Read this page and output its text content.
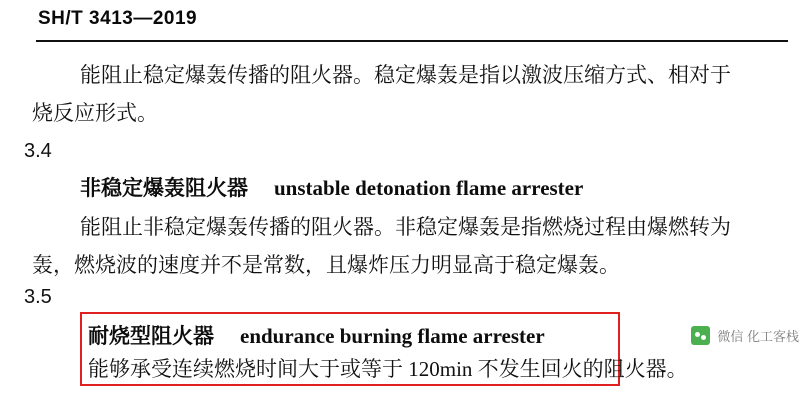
SH/T 3413—2019
能阻止稳定爆轰传播的阻火器。稳定爆轰是指以激波压缩方式、相对于
烧反应形式。
3.4
非稳定爆轰阻火器 unstable detonation flame arrester
能阻止非稳定爆轰传播的阻火器。非稳定爆轰是指燃烧过程由爆燃转为
轰，燃烧波的速度并不是常数，且爆炸压力明显高于稳定爆轰。
3.5
耐烧型阻火器 endurance burning flame arrester
能够承受连续燃烧时间大于或等于 120min 不发生回火的阻火器。
微信 化工客栈
